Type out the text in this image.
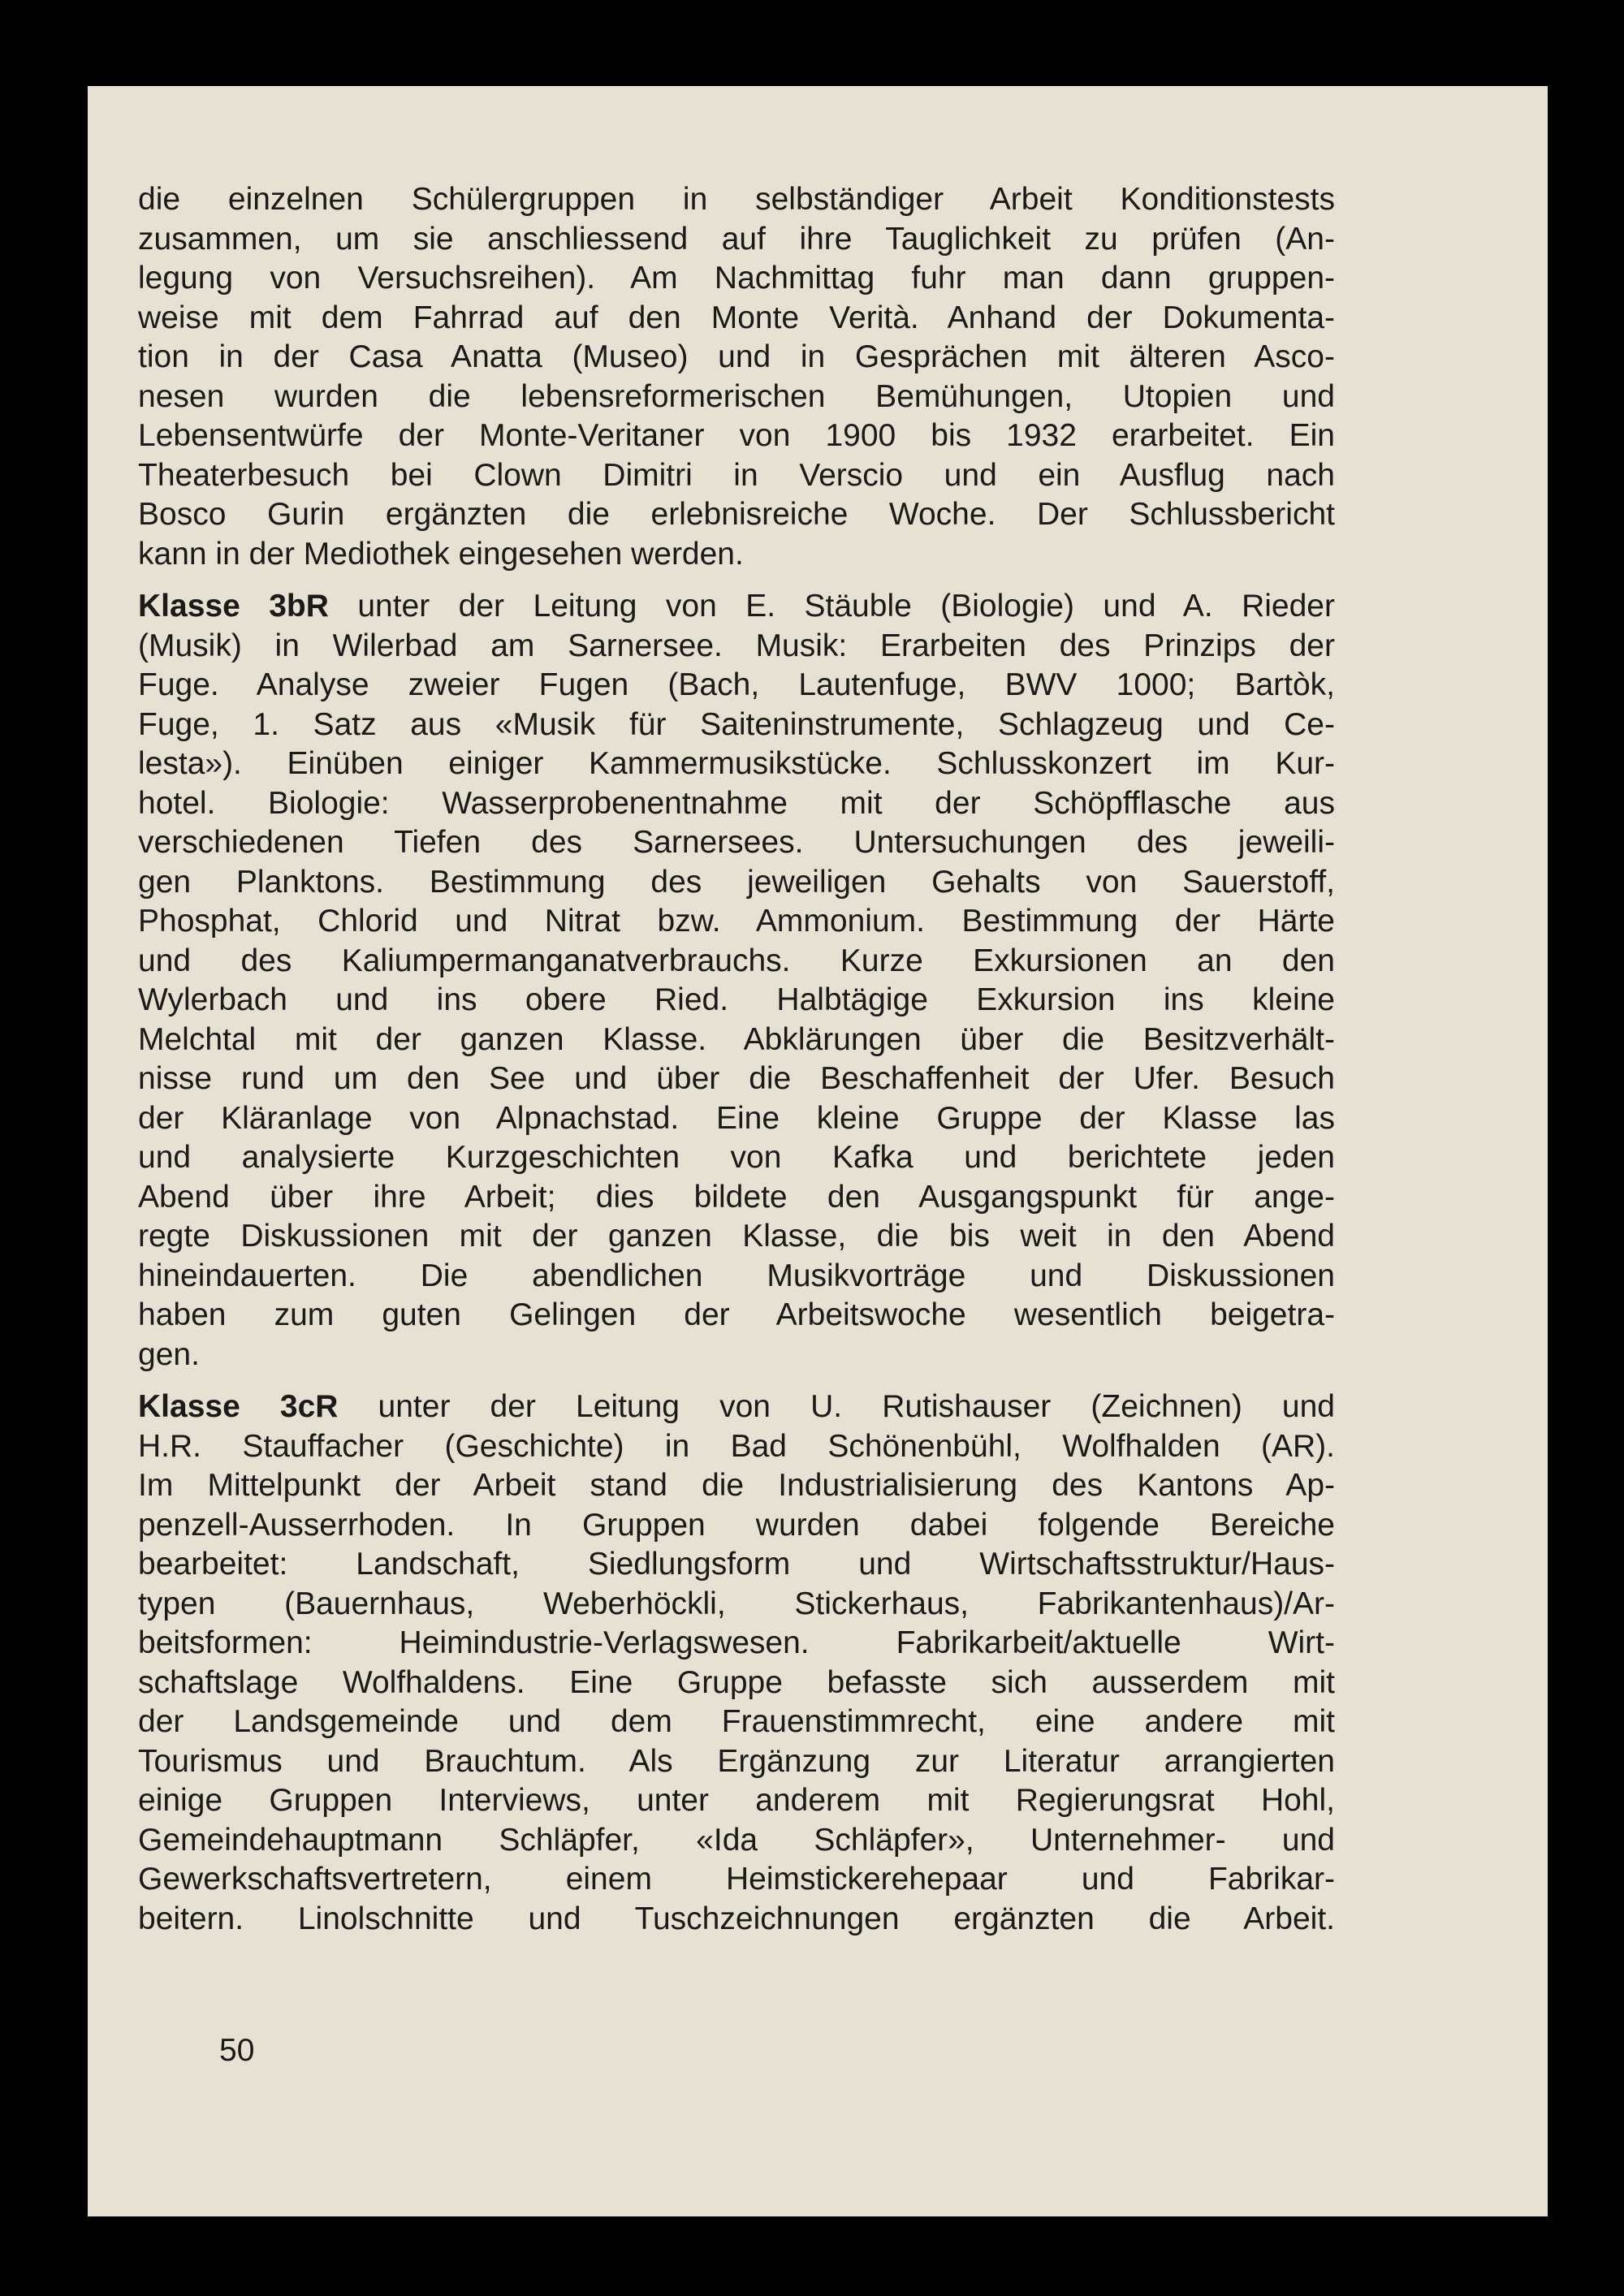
die einzelnen Schülergruppen in selbständiger Arbeit Konditionstests
zusammen, um sie anschliessend auf ihre Tauglichkeit zu prüfen (An-
legung von Versuchsreihen). Am Nachmittag fuhr man dann gruppen-
weise mit dem Fahrrad auf den Monte Verità. Anhand der Dokumenta-
tion in der Casa Anatta (Museo) und in Gesprächen mit älteren Asco-
nesen wurden die lebensreformerischen Bemühungen, Utopien und
Lebensentwürfe der Monte-Veritaner von 1900 bis 1932 erarbeitet. Ein
Theaterbesuch bei Clown Dimitri in Verscio und ein Ausflug nach
Bosco Gurin ergänzten die erlebnisreiche Woche. Der Schlussbericht
kann in der Mediothek eingesehen werden.
Klasse 3bR unter der Leitung von E. Stäuble (Biologie) und A. Rieder
(Musik) in Wilerbad am Sarnersee. Musik: Erarbeiten des Prinzips der
Fuge. Analyse zweier Fugen (Bach, Lautenfuge, BWV 1000; Bartòk,
Fuge, 1. Satz aus «Musik für Saiteninstrumente, Schlagzeug und Ce-
lesta»). Einüben einiger Kammermusikstücke. Schlusskonzert im Kur-
hotel. Biologie: Wasserprobenentnahme mit der Schöpfflasche aus
verschiedenen Tiefen des Sarnersees. Untersuchungen des jeweili-
gen Planktons. Bestimmung des jeweiligen Gehalts von Sauerstoff,
Phosphat, Chlorid und Nitrat bzw. Ammonium. Bestimmung der Härte
und des Kaliumpermanganatverbrauchs. Kurze Exkursionen an den
Wylerbach und ins obere Ried. Halbtägige Exkursion ins kleine
Melchtal mit der ganzen Klasse. Abklärungen über die Besitzverhält-
nisse rund um den See und über die Beschaffenheit der Ufer. Besuch
der Kläranlage von Alpnachstad. Eine kleine Gruppe der Klasse las
und analysierte Kurzgeschichten von Kafka und berichtete jeden
Abend über ihre Arbeit; dies bildete den Ausgangspunkt für ange-
regte Diskussionen mit der ganzen Klasse, die bis weit in den Abend
hineindauerten. Die abendlichen Musikvorträge und Diskussionen
haben zum guten Gelingen der Arbeitswoche wesentlich beigetra-
gen.
Klasse 3cR unter der Leitung von U. Rutishauser (Zeichnen) und
H.R. Stauffacher (Geschichte) in Bad Schönenbühl, Wolfhalden (AR).
Im Mittelpunkt der Arbeit stand die Industrialisierung des Kantons Ap-
penzell-Ausserrhoden. In Gruppen wurden dabei folgende Bereiche
bearbeitet: Landschaft, Siedlungsform und Wirtschaftsstruktur/Haus-
typen (Bauernhaus, Weberhöckli, Stickerhaus, Fabrikantenhaus)/Ar-
beitsformen: Heimindustrie-Verlagswesen. Fabrikarbeit/aktuelle Wirt-
schaftslage Wolfhaldens. Eine Gruppe befasste sich ausserdem mit
der Landsgemeinde und dem Frauenstimmrecht, eine andere mit
Tourismus und Brauchtum. Als Ergänzung zur Literatur arrangierten
einige Gruppen Interviews, unter anderem mit Regierungsrat Hohl,
Gemeindehauptmann Schläpfer, «Ida Schläpfer», Unternehmer- und
Gewerkschaftsvertretern, einem Heimstickerehepaar und Fabrikar-
beitern. Linolschnitte und Tuschzeichnungen ergänzten die Arbeit.
50
